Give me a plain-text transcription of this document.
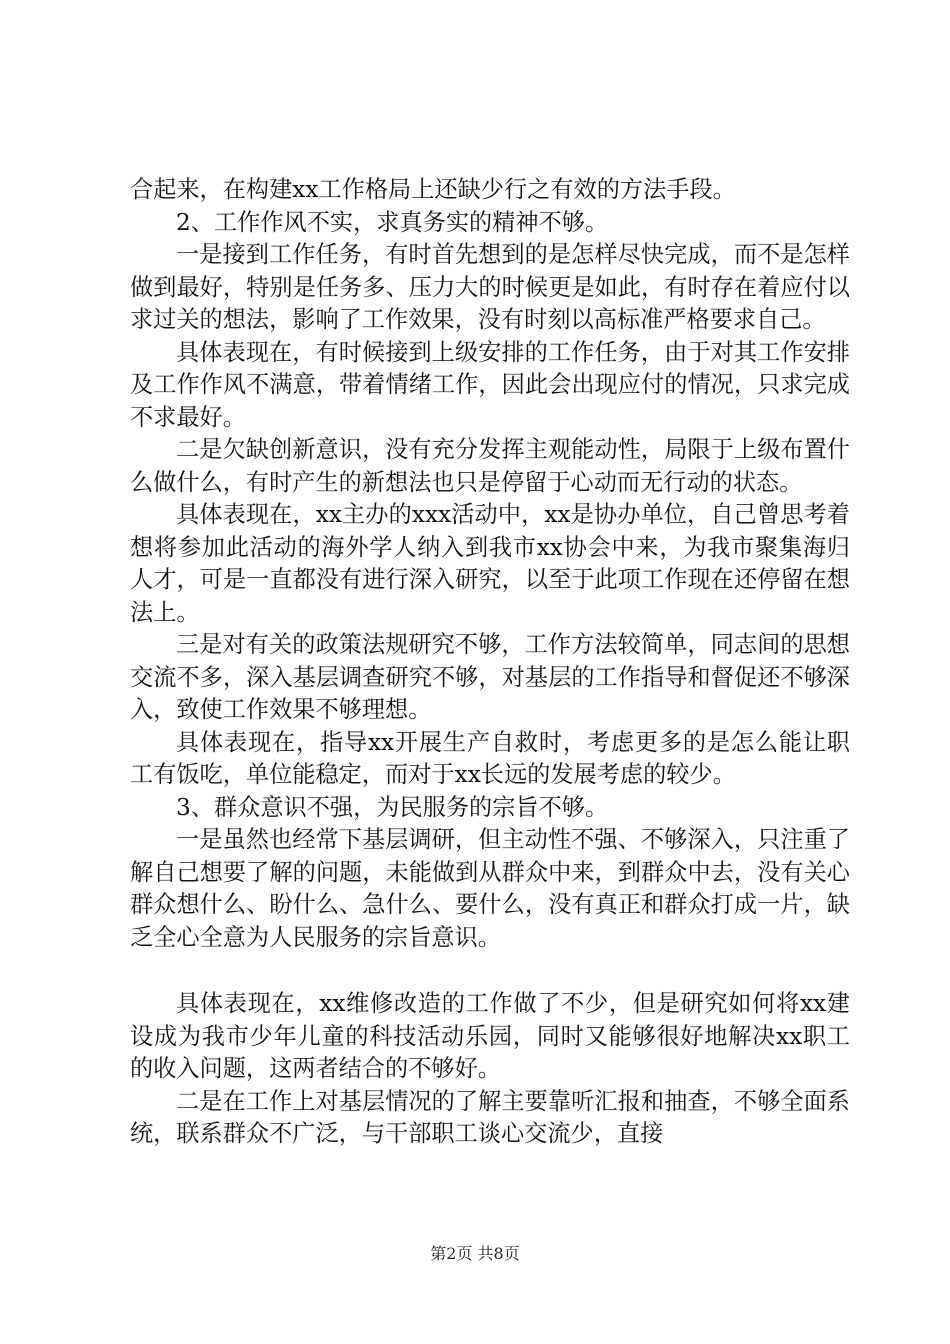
合起来，在构建xx工作格局上还缺少行之有效的方法手段。

2、工作作风不实，求真务实的精神不够。

一是接到工作任务，有时首先想到的是怎样尽快完成，而不是怎样做到最好，特别是任务多、压力大的时候更是如此，有时存在着应付以求过关的想法，影响了工作效果，没有时刻以高标准严格要求自己。

具体表现在，有时候接到上级安排的工作任务，由于对其工作安排及工作作风不满意，带着情绪工作，因此会出现应付的情况，只求完成不求最好。

二是欠缺创新意识，没有充分发挥主观能动性，局限于上级布置什么做什么，有时产生的新想法也只是停留于心动而无行动的状态。

具体表现在，xx主办的xxx活动中，xx是协办单位，自己曾思考着想将参加此活动的海外学人纳入到我市xx协会中来，为我市聚集海归人才，可是一直都没有进行深入研究，以至于此项工作现在还停留在想法上。

三是对有关的政策法规研究不够，工作方法较简单，同志间的思想交流不多，深入基层调查研究不够，对基层的工作指导和督促还不够深入，致使工作效果不够理想。

具体表现在，指导xx开展生产自救时，考虑更多的是怎么能让职工有饭吃，单位能稳定，而对于xx长远的发展考虑的较少。

3、群众意识不强，为民服务的宗旨不够。

一是虽然也经常下基层调研，但主动性不强、不够深入，只注重了解自己想要了解的问题，未能做到从群众中来，到群众中去，没有关心群众想什么、盼什么、急什么、要什么，没有真正和群众打成一片，缺乏全心全意为人民服务的宗旨意识。

具体表现在，xx维修改造的工作做了不少，但是研究如何将xx建设成为我市少年儿童的科技活动乐园，同时又能够很好地解决xx职工的收入问题，这两者结合的不够好。

二是在工作上对基层情况的了解主要靠听汇报和抽查，不够全面系统，联系群众不广泛，与干部职工谈心交流少，直接

第2页 共8页
